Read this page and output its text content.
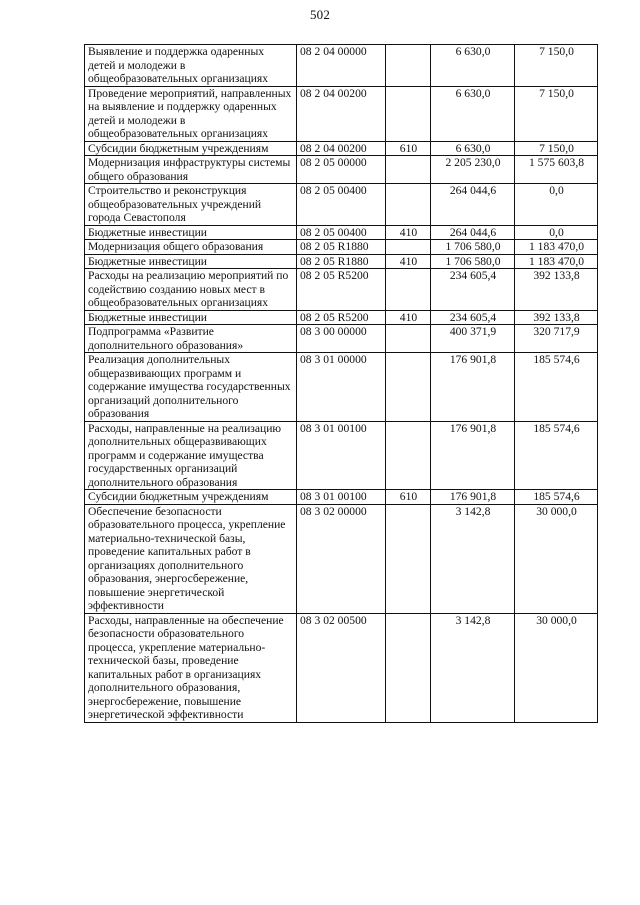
502
Выявление и поддержка одаренных детей и молодежи в общеобразовательных организациях	08 2 04 00000		6 630,0	7 150,0
Проведение мероприятий, направленных на выявление и поддержку одаренных детей и молодежи в общеобразовательных организациях	08 2 04 00200		6 630,0	7 150,0
Субсидии бюджетным учреждениям	08 2 04 00200	610	6 630,0	7 150,0
Модернизация инфраструктуры системы общего образования	08 2 05 00000		2 205 230,0	1 575 603,8
Строительство и реконструкция общеобразовательных учреждений города Севастополя	08 2 05 00400		264 044,6	0,0
Бюджетные инвестиции	08 2 05 00400	410	264 044,6	0,0
Модернизация общего образования	08 2 05 R1880		1 706 580,0	1 183 470,0
Бюджетные инвестиции	08 2 05 R1880	410	1 706 580,0	1 183 470,0
Расходы на реализацию мероприятий по содействию созданию новых мест в общеобразовательных организациях	08 2 05 R5200		234 605,4	392 133,8
Бюджетные инвестиции	08 2 05 R5200	410	234 605,4	392 133,8
Подпрограмма «Развитие дополнительного образования»	08 3 00 00000		400 371,9	320 717,9
Реализация дополнительных общеразвивающих программ и содержание имущества государственных организаций дополнительного образования	08 3 01 00000		176 901,8	185 574,6
Расходы, направленные на реализацию дополнительных общеразвивающих программ и содержание имущества государственных организаций дополнительного образования	08 3 01 00100		176 901,8	185 574,6
Субсидии бюджетным учреждениям	08 3 01 00100	610	176 901,8	185 574,6
Обеспечение безопасности образовательного процесса, укрепление материально-технической базы, проведение капитальных работ в организациях дополнительного образования, энергосбережение, повышение энергетической эффективности	08 3 02 00000		3 142,8	30 000,0
Расходы, направленные на обеспечение безопасности образовательного процесса, укрепление материально-технической базы, проведение капитальных работ в организациях дополнительного образования, энергосбережение, повышение энергетической эффективности	08 3 02 00500		3 142,8	30 000,0
